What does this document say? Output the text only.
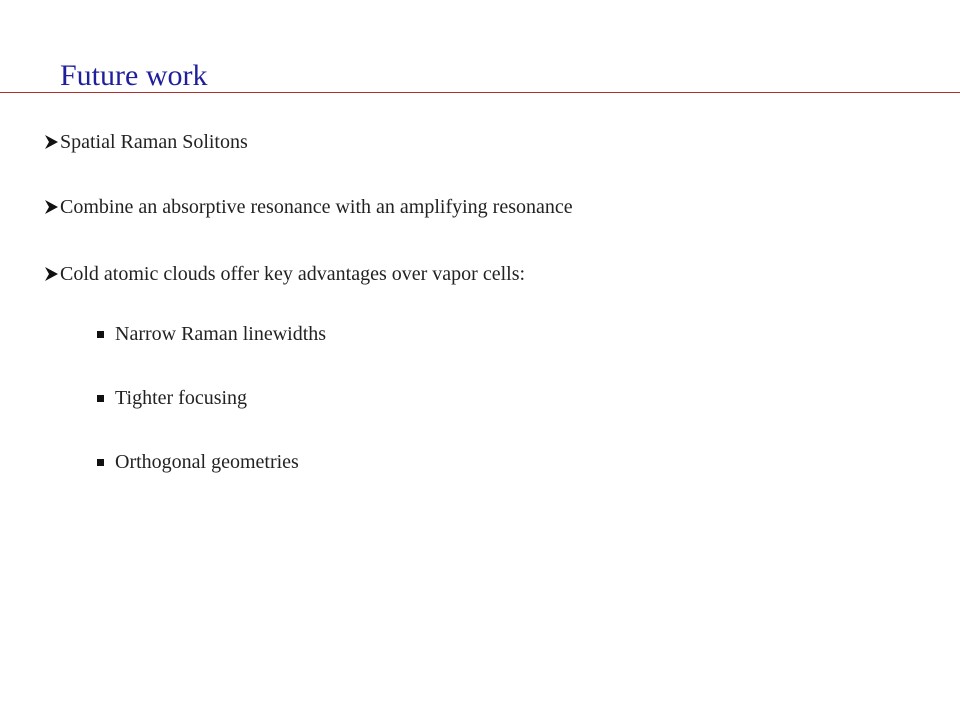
Future work
Spatial Raman Solitons
Combine an absorptive resonance with an amplifying resonance
Cold atomic clouds offer key advantages over vapor cells:
Narrow Raman linewidths
Tighter focusing
Orthogonal geometries
